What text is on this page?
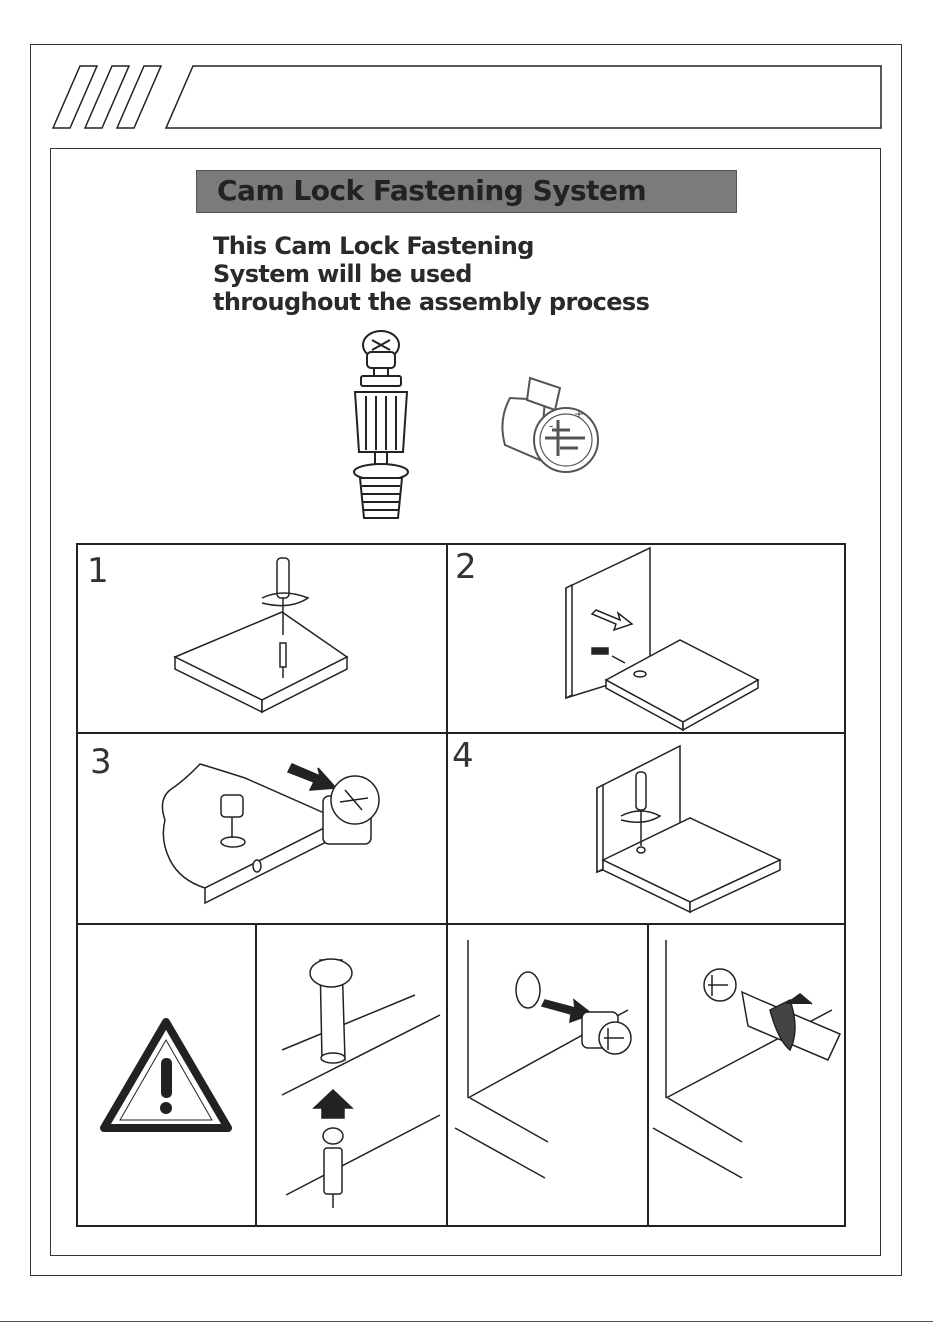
Cam Lock Fastening System
This Cam Lock Fastening
System will be used
throughout the assembly process
+
-
1	2
3	4
